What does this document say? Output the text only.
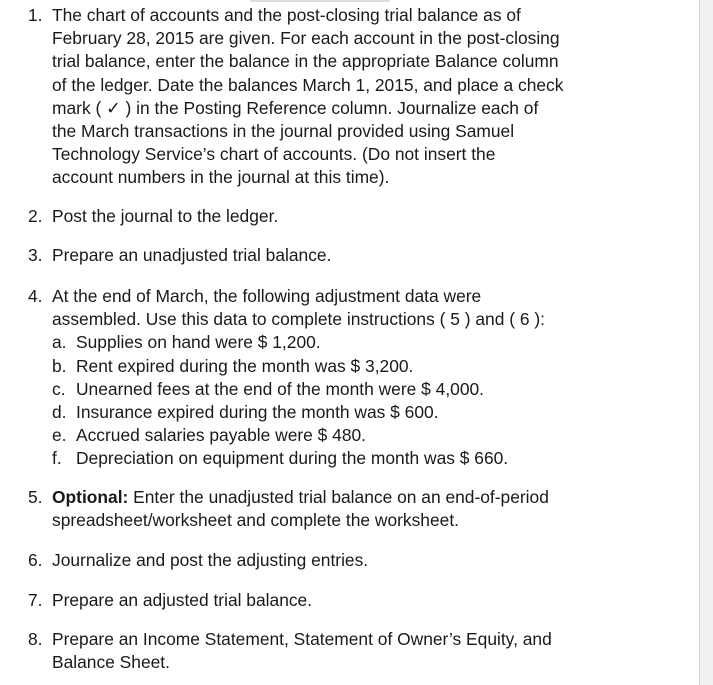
1. The chart of accounts and the post-closing trial balance as of

February 28, 2015 are given. For each account in the post-closing

trial balance, enter the balance in the appropriate Balance column

of the ledger. Date the balances March 1, 2015, and place a check

mark ( ✓ ) in the Posting Reference column. Journalize each of

the March transactions in the journal provided using Samuel

Technology Service’s chart of accounts. (Do not insert the

account numbers in the journal at this time).

2. Post the journal to the ledger.

3. Prepare an unadjusted trial balance.

4. At the end of March, the following adjustment data were

assembled. Use this data to complete instructions ( 5 ) and ( 6 ):

a. Supplies on hand were $ 1,200.
b. Rent expired during the month was $ 3,200.
c. Unearned fees at the end of the month were $ 4,000.
d. Insurance expired during the month was $ 600.
e. Accrued salaries payable were $ 480.
f. Depreciation on equipment during the month was $ 660.
5. Optional: Enter the unadjusted trial balance on an end-of-period

spreadsheet/worksheet and complete the worksheet.

6. Journalize and post the adjusting entries.

7. Prepare an adjusted trial balance.

8. Prepare an Income Statement, Statement of Owner’s Equity, and

Balance Sheet.
